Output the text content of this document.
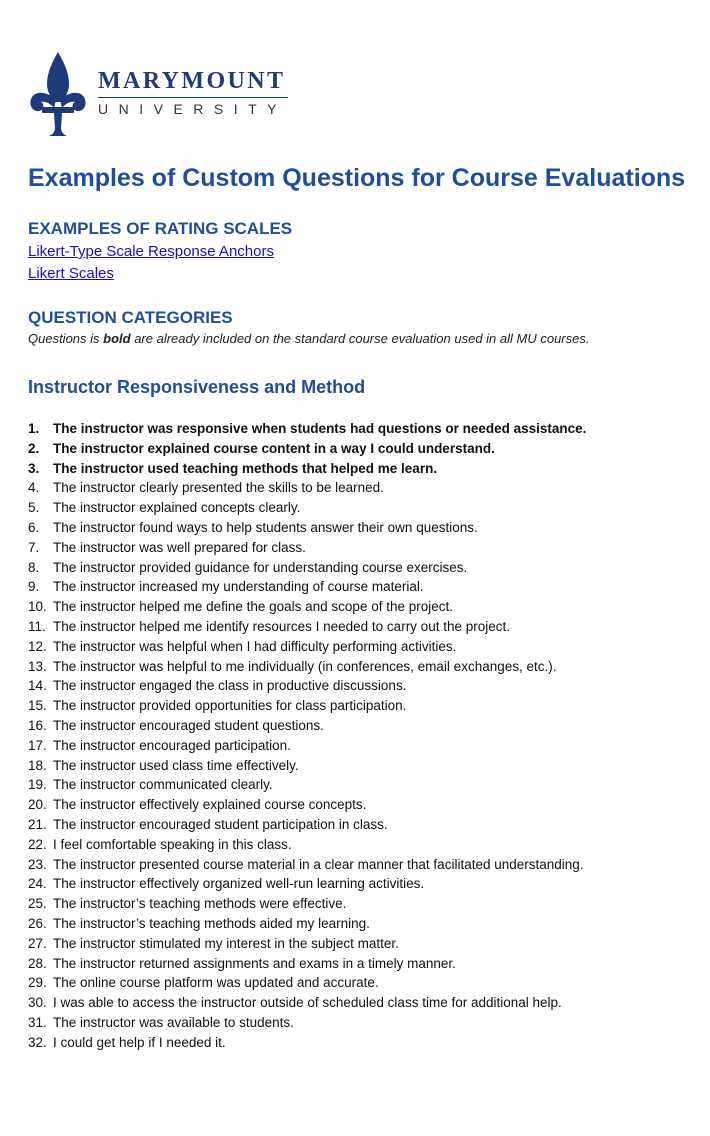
MARYMOUNT
UNIVERSITY
Examples of Custom Questions for Course Evaluations
EXAMPLES OF RATING SCALES
Likert-Type Scale Response Anchors
Likert Scales
QUESTION CATEGORIES
Questions is bold are already included on the standard course evaluation used in all MU courses.
Instructor Responsiveness and Method
1.	The instructor was responsive when students had questions or needed assistance.
2.	The instructor explained course content in a way I could understand.
3.	The instructor used teaching methods that helped me learn.
4.	The instructor clearly presented the skills to be learned.
5.	The instructor explained concepts clearly.
6.	The instructor found ways to help students answer their own questions.
7.	The instructor was well prepared for class.
8.	The instructor provided guidance for understanding course exercises.
9.	The instructor increased my understanding of course material.
10. The instructor helped me define the goals and scope of the project.
11. The instructor helped me identify resources I needed to carry out the project.
12. The instructor was helpful when I had difficulty performing activities.
13. The instructor was helpful to me individually (in conferences, email exchanges, etc.).
14. The instructor engaged the class in productive discussions.
15. The instructor provided opportunities for class participation.
16. The instructor encouraged student questions.
17. The instructor encouraged participation.
18. The instructor used class time effectively.
19. The instructor communicated clearly.
20. The instructor effectively explained course concepts.
21. The instructor encouraged student participation in class.
22. I feel comfortable speaking in this class.
23. The instructor presented course material in a clear manner that facilitated understanding.
24. The instructor effectively organized well-run learning activities.
25. The instructor’s teaching methods were effective.
26. The instructor’s teaching methods aided my learning.
27. The instructor stimulated my interest in the subject matter.
28. The instructor returned assignments and exams in a timely manner.
29. The online course platform was updated and accurate.
30. I was able to access the instructor outside of scheduled class time for additional help.
31. The instructor was available to students.
32. I could get help if I needed it.
